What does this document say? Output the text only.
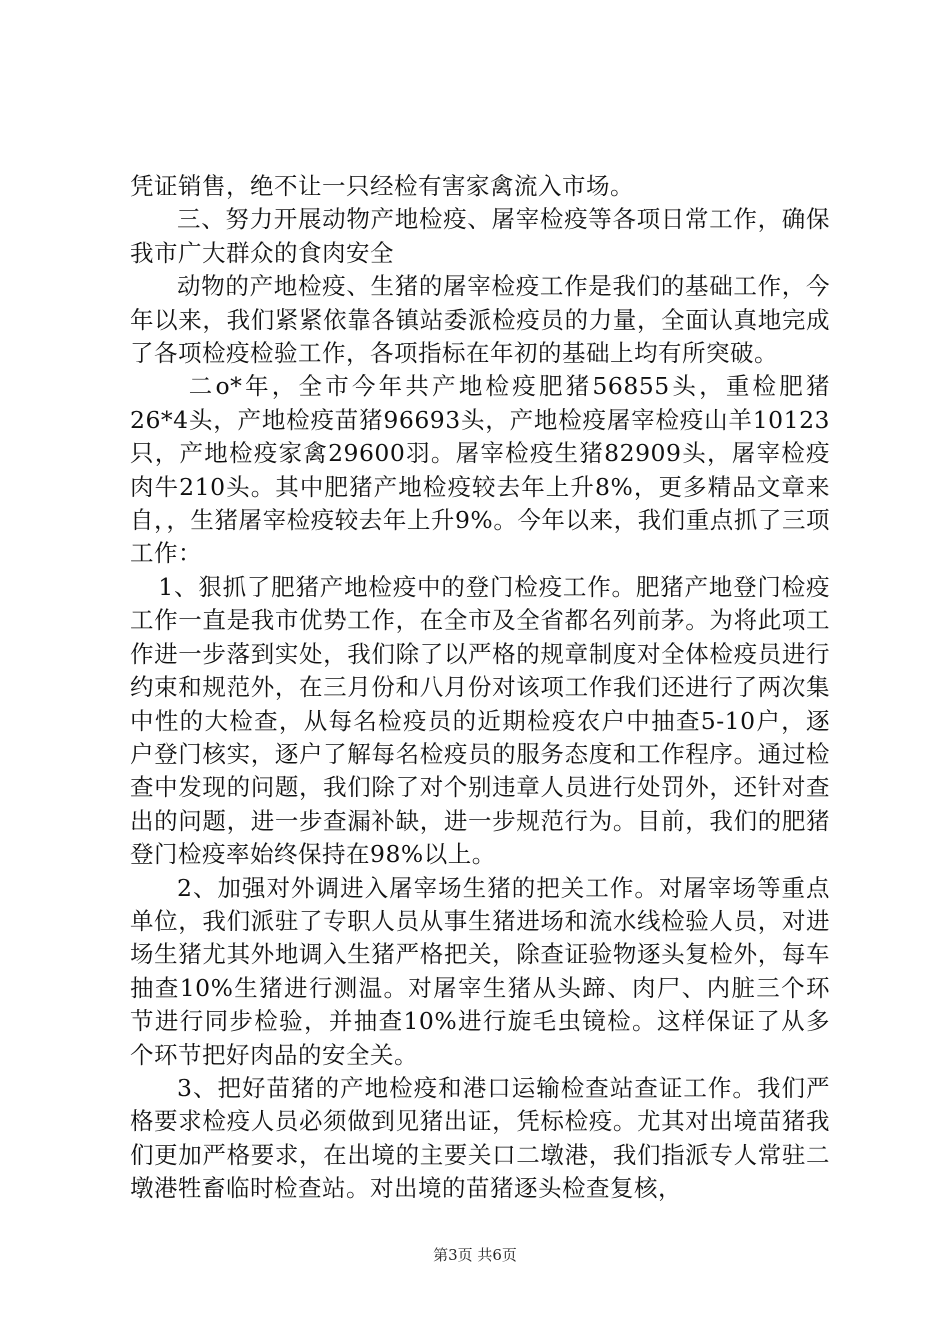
凭证销售，绝不让一只经检有害家禽流入市场。

三、努力开展动物产地检疫、屠宰检疫等各项日常工作，确保我市广大群众的食肉安全

动物的产地检疫、生猪的屠宰检疫工作是我们的基础工作，今年以来，我们紧紧依靠各镇站委派检疫员的力量，全面认真地完成了各项检疫检验工作，各项指标在年初的基础上均有所突破。

二o*年，全市今年共产地检疫肥猪56855头，重检肥猪26*4头，产地检疫苗猪96693头，产地检疫屠宰检疫山羊10123只，产地检疫家禽29600羽。屠宰检疫生猪82909头，屠宰检疫肉牛210头。其中肥猪产地检疫较去年上升8%，更多精品文章来自，，生猪屠宰检疫较去年上升9%。今年以来，我们重点抓了三项工作：

1、狠抓了肥猪产地检疫中的登门检疫工作。肥猪产地登门检疫工作一直是我市优势工作，在全市及全省都名列前茅。为将此项工作进一步落到实处，我们除了以严格的规章制度对全体检疫员进行约束和规范外，在三月份和八月份对该项工作我们还进行了两次集中性的大检查，从每名检疫员的近期检疫农户中抽查5-10户，逐户登门核实，逐户了解每名检疫员的服务态度和工作程序。通过检查中发现的问题，我们除了对个别违章人员进行处罚外，还针对查出的问题，进一步查漏补缺，进一步规范行为。目前，我们的肥猪登门检疫率始终保持在98%以上。

2、加强对外调进入屠宰场生猪的把关工作。对屠宰场等重点单位，我们派驻了专职人员从事生猪进场和流水线检验人员，对进场生猪尤其外地调入生猪严格把关，除查证验物逐头复检外，每车抽查10%生猪进行测温。对屠宰生猪从头蹄、肉尸、内脏三个环节进行同步检验，并抽查10%进行旋毛虫镜检。这样保证了从多个环节把好肉品的安全关。

3、把好苗猪的产地检疫和港口运输检查站查证工作。我们严格要求检疫人员必须做到见猪出证，凭标检疫。尤其对出境苗猪我们更加严格要求，在出境的主要关口二墩港，我们指派专人常驻二墩港牲畜临时检查站。对出境的苗猪逐头检查复核，

第3页 共6页
